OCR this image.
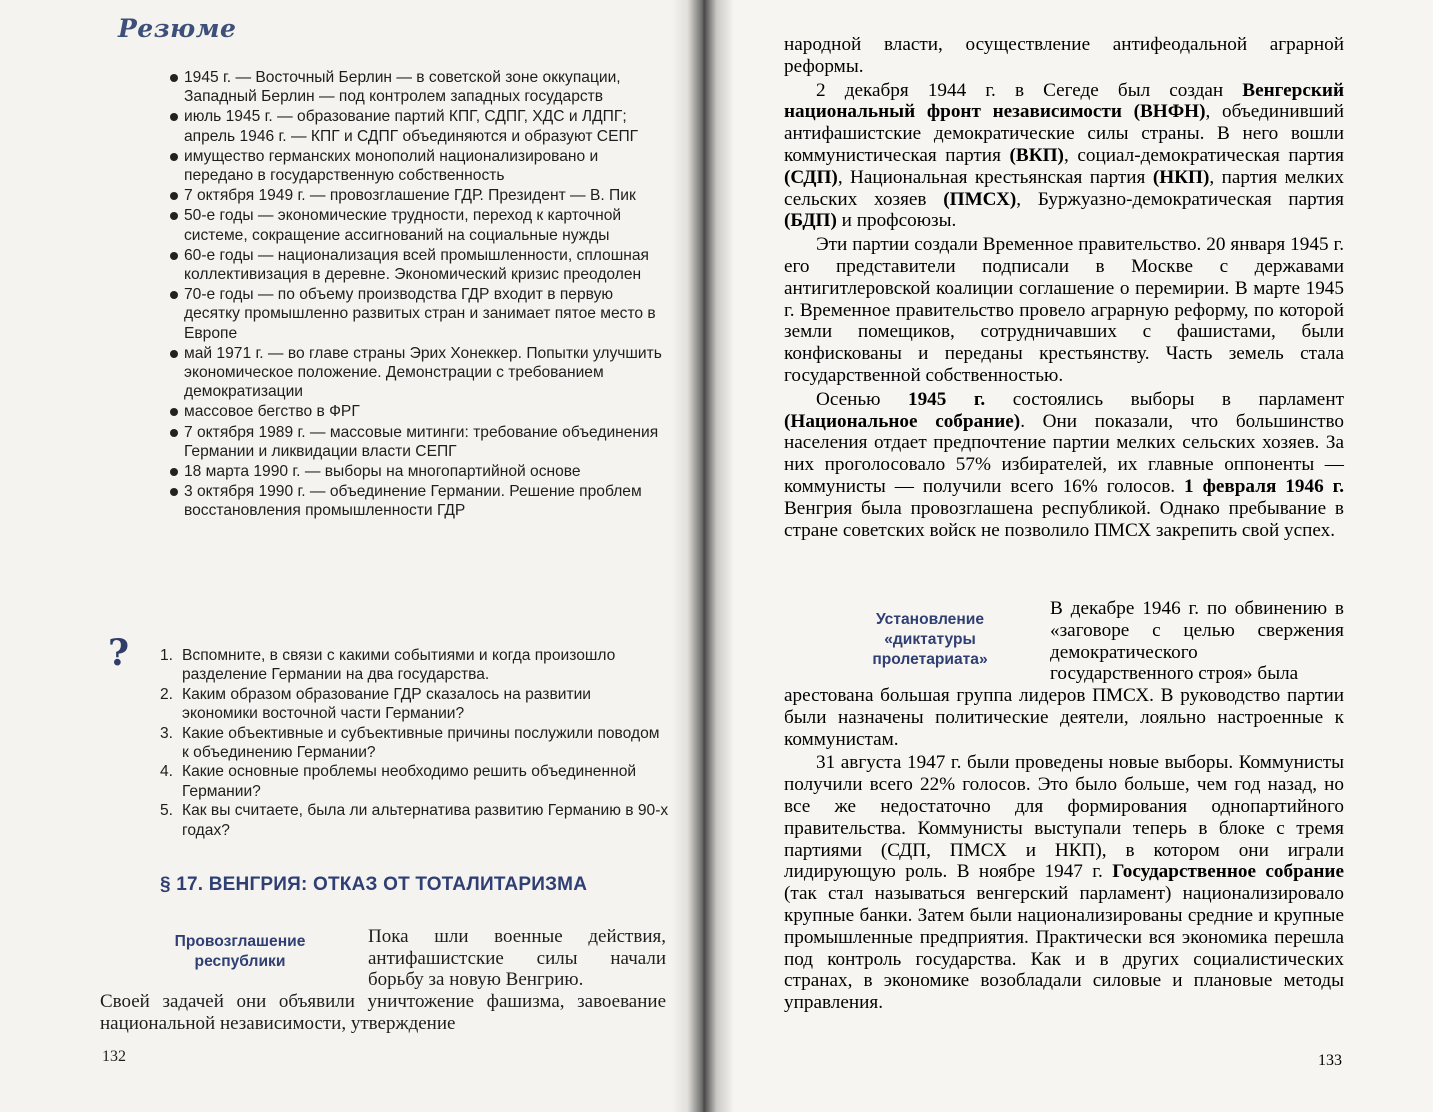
Резюме
1945 г. — Восточный Берлин — в советской зоне оккупации, Западный Берлин — под контролем западных государств
июль 1945 г. — образование партий КПГ, СДПГ, ХДС и ЛДПГ; апрель 1946 г. — КПГ и СДПГ объединяются и образуют СЕПГ
имущество германских монополий национализировано и передано в государственную собственность
7 октября 1949 г. — провозглашение ГДР. Президент — В. Пик
50-е годы — экономические трудности, переход к карточной системе, сокращение ассигнований на социальные нужды
60-е годы — национализация всей промышленности, сплошная коллективизация в деревне. Экономический кризис преодолен
70-е годы — по объему производства ГДР входит в первую десятку промышленно развитых стран и занимает пятое место в Европе
май 1971 г. — во главе страны Эрих Хонеккер. Попытки улучшить экономическое положение. Демонстрации с требованием демократизации
массовое бегство в ФРГ
7 октября 1989 г. — массовые митинги: требование объединения Германии и ликвидации власти СЕПГ
18 марта 1990 г. — выборы на многопартийной основе
3 октября 1990 г. — объединение Германии. Решение проблем восстановления промышленности ГДР
? 1. Вспомните, в связи с какими событиями и когда произошло разделение Германии на два государства.
2. Каким образом образование ГДР сказалось на развитии экономики восточной части Германии?
3. Какие объективные и субъективные причины послужили поводом к объединению Германии?
4. Какие основные проблемы необходимо решить объединенной Германии?
5. Как вы считаете, была ли альтернатива развитию Германию в 90-х годах?
§ 17. ВЕНГРИЯ: ОТКАЗ ОТ ТОТАЛИТАРИЗМА
Провозглашение республики
Пока шли военные действия, антифашистские силы начали борьбу за новую Венгрию.
Своей задачей они объявили уничтожение фашизма, завоевание национальной независимости, утверждение
132

народной власти, осуществление антифеодальной аграрной реформы.

2 декабря 1944 г. в Сегеде был создан Венгерский национальный фронт независимости (ВНФН), объединивший антифашистские демократические силы страны. В него вошли коммунистическая партия (ВКП), социал-демократическая партия (СДП), Национальная крестьянская партия (НКП), партия мелких сельских хозяев (ПМСХ), Буржуазно-демократическая партия (БДП) и профсоюзы.

Эти партии создали Временное правительство. 20 января 1945 г. его представители подписали в Москве с державами антигитлеровской коалиции соглашение о перемирии. В марте 1945 г. Временное правительство провело аграрную реформу, по которой земли помещиков, сотрудничавших с фашистами, были конфискованы и переданы крестьянству. Часть земель стала государственной собственностью.

Осенью 1945 г. состоялись выборы в парламент (Национальное собрание). Они показали, что большинство населения отдает предпочтение партии мелких сельских хозяев. За них проголосовало 57% избирателей, их главные оппоненты — коммунисты — получили всего 16% голосов. 1 февраля 1946 г. Венгрия была провозглашена республикой. Однако пребывание в стране советских войск не позволило ПМСХ закрепить свой успех.

Установление «диктатуры пролетариата»
В декабре 1946 г. по обвинению в «заговоре с целью свержения демократического государственного строя» была

арестована большая группа лидеров ПМСХ. В руководство партии были назначены политические деятели, лояльно настроенные к коммунистам.

31 августа 1947 г. были проведены новые выборы. Коммунисты получили всего 22% голосов. Это было больше, чем год назад, но все же недостаточно для формирования однопартийного правительства. Коммунисты выступали теперь в блоке с тремя партиями (СДП, ПМСХ и НКП), в котором они играли лидирующую роль. В ноябре 1947 г. Государственное собрание (так стал называться венгерский парламент) национализировало крупные банки. Затем были национализированы средние и крупные промышленные предприятия. Практически вся экономика перешла под контроль государства. Как и в других социалистических странах, в экономике возобладали силовые и плановые методы управления.

133
